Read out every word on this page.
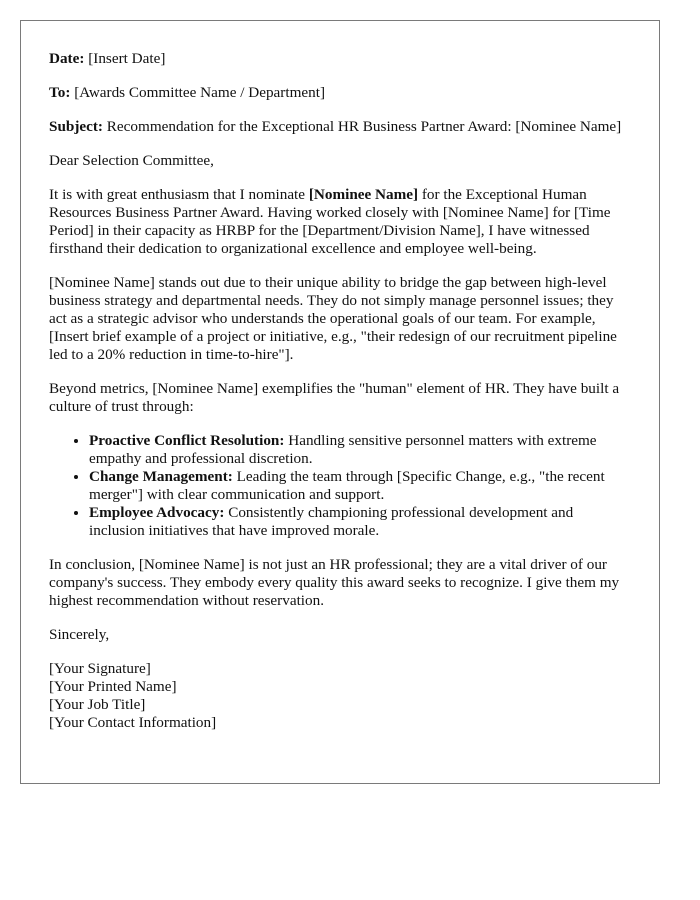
Date: [Insert Date]

To: [Awards Committee Name / Department]

Subject: Recommendation for the Exceptional HR Business Partner Award: [Nominee Name]

Dear Selection Committee,

It is with great enthusiasm that I nominate [Nominee Name] for the Exceptional Human Resources Business Partner Award. Having worked closely with [Nominee Name] for [Time Period] in their capacity as HRBP for the [Department/Division Name], I have witnessed firsthand their dedication to organizational excellence and employee well-being.

[Nominee Name] stands out due to their unique ability to bridge the gap between high-level business strategy and departmental needs. They do not simply manage personnel issues; they act as a strategic advisor who understands the operational goals of our team. For example, [Insert brief example of a project or initiative, e.g., "their redesign of our recruitment pipeline led to a 20% reduction in time-to-hire"].

Beyond metrics, [Nominee Name] exemplifies the "human" element of HR. They have built a culture of trust through:

• Proactive Conflict Resolution: Handling sensitive personnel matters with extreme empathy and professional discretion.
• Change Management: Leading the team through [Specific Change, e.g., "the recent merger"] with clear communication and support.
• Employee Advocacy: Consistently championing professional development and inclusion initiatives that have improved morale.

In conclusion, [Nominee Name] is not just an HR professional; they are a vital driver of our company's success. They embody every quality this award seeks to recognize. I give them my highest recommendation without reservation.

Sincerely,

[Your Signature]
[Your Printed Name]
[Your Job Title]
[Your Contact Information]
